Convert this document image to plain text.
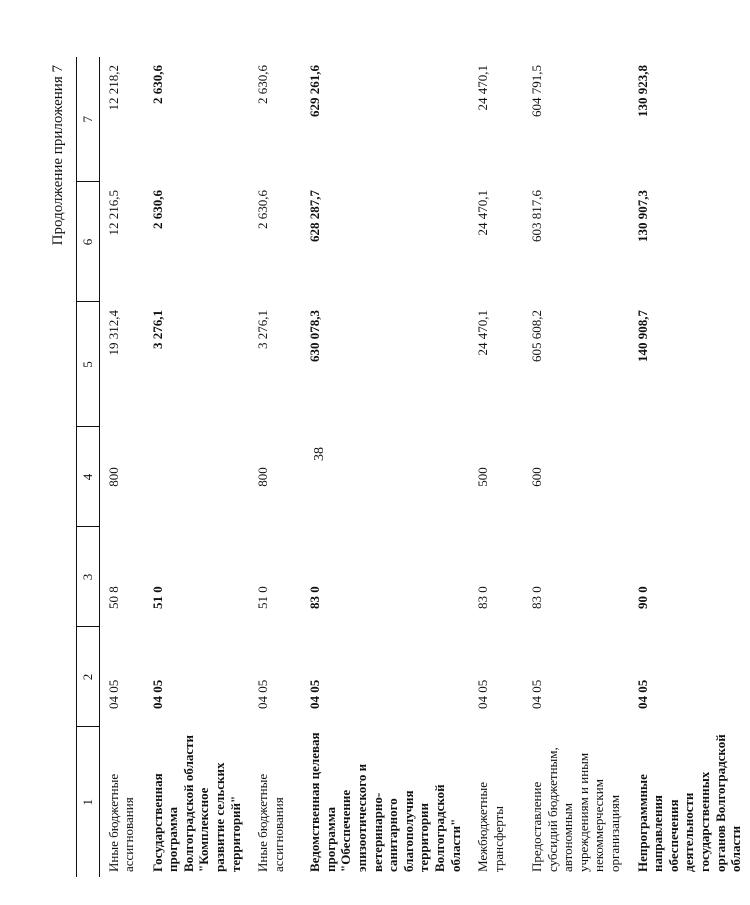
38
Продолжение приложения 7
1	2	3	4	5	6	7
Иные бюджетные ассигнования	04 05	50 8	800	19 312,4	12 216,5	12 218,2
Государственная программа Волгоградской области "Комплексное развитие сельских территорий"	04 05	51 0		3 276,1	2 630,6	2 630,6
Иные бюджетные ассигнования	04 05	51 0	800	3 276,1	2 630,6	2 630,6
Ведомственная целевая программа "Обеспечение эпизоотического и ветеринарно-санитарного благополучия территории Волгоградской области"	04 05	83 0		630 078,3	628 287,7	629 261,6
Межбюджетные трансферты	04 05	83 0	500	24 470,1	24 470,1	24 470,1
Предоставление субсидий бюджетным, автономным учреждениям и иным некоммерческим организациям	04 05	83 0	600	605 608,2	603 817,6	604 791,5
Непрограммные направления обеспечения деятельности государственных органов Волгоградской области	04 05	90 0		140 908,7	130 907,3	130 923,8
